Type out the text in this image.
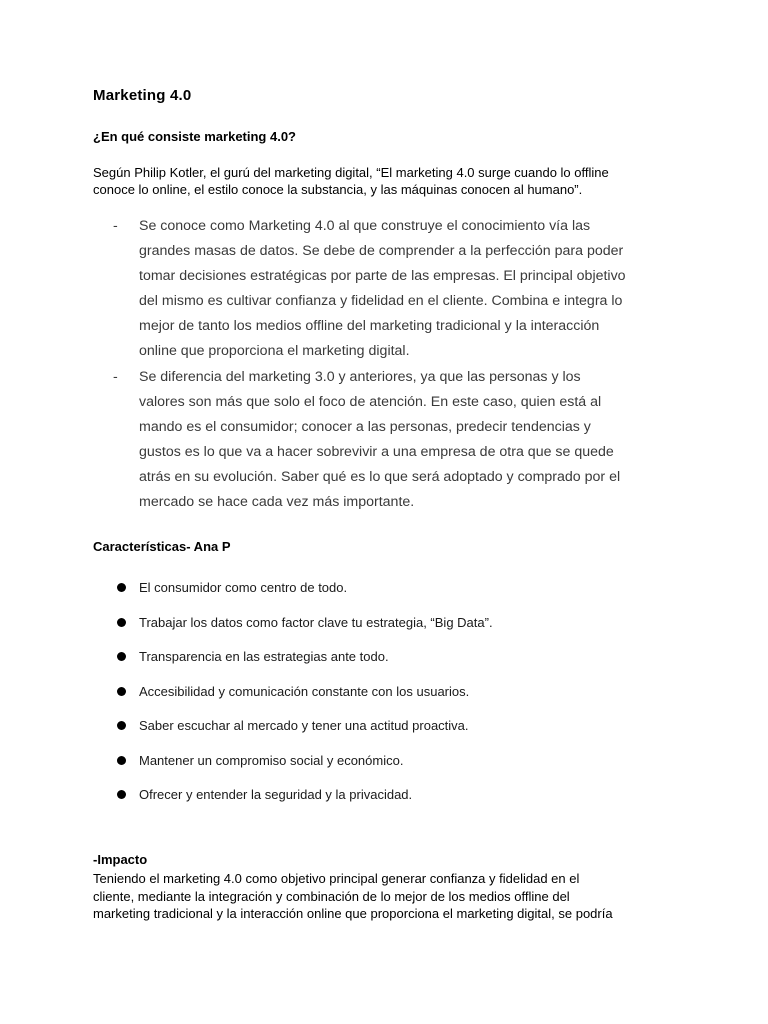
Marketing 4.0
¿En qué consiste marketing 4.0?

Según Philip Kotler, el gurú del marketing digital, “El marketing 4.0 surge cuando lo offline
conoce lo online, el estilo conoce la substancia, y las máquinas conocen al humano”.

- Se conoce como Marketing 4.0 al que construye el conocimiento vía las
grandes masas de datos. Se debe de comprender a la perfección para poder
tomar decisiones estratégicas por parte de las empresas. El principal objetivo
del mismo es cultivar confianza y fidelidad en el cliente. Combina e integra lo
mejor de tanto los medios offline del marketing tradicional y la interacción
online que proporciona el marketing digital.
- Se diferencia del marketing 3.0 y anteriores, ya que las personas y los
valores son más que solo el foco de atención. En este caso, quien está al
mando es el consumidor; conocer a las personas, predecir tendencias y
gustos es lo que va a hacer sobrevivir a una empresa de otra que se quede
atrás en su evolución. Saber qué es lo que será adoptado y comprado por el
mercado se hace cada vez más importante.
Características- Ana P
El consumidor como centro de todo.
Trabajar los datos como factor clave tu estrategia, “Big Data”.
Transparencia en las estrategias ante todo.
Accesibilidad y comunicación constante con los usuarios.
Saber escuchar al mercado y tener una actitud proactiva.
Mantener un compromiso social y económico.
Ofrecer y entender la seguridad y la privacidad.
-Impacto

Teniendo el marketing 4.0 como objetivo principal generar confianza y fidelidad en el
cliente, mediante la integración y combinación de lo mejor de los medios offline del
marketing tradicional y la interacción online que proporciona el marketing digital, se podría
